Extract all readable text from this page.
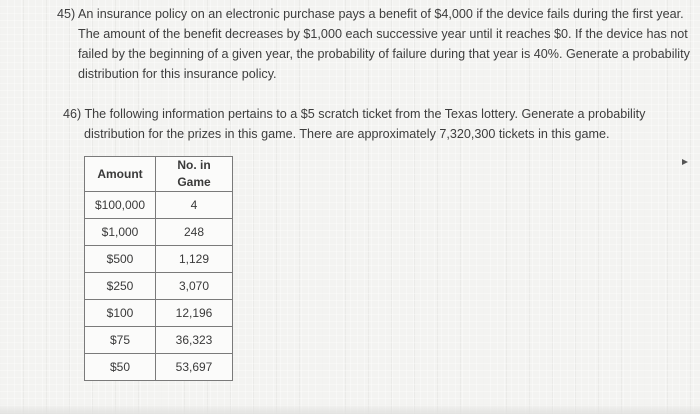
45) An insurance policy on an electronic purchase pays a benefit of $4,000 if the device fails during the first year.
The amount of the benefit decreases by $1,000 each successive year until it reaches $0. If the device has not
failed by the beginning of a given year, the probability of failure during that year is 40%. Generate a probability
distribution for this insurance policy.

46) The following information pertains to a $5 scratch ticket from the Texas lottery. Generate a probability
distribution for the prizes in this game. There are approximately 7,320,300 tickets in this game.

Amount	No. in
Game
$100,000	4
$1,000	248
$500	1,129
$250	3,070
$100	12,196
$75	36,323
$50	53,697
